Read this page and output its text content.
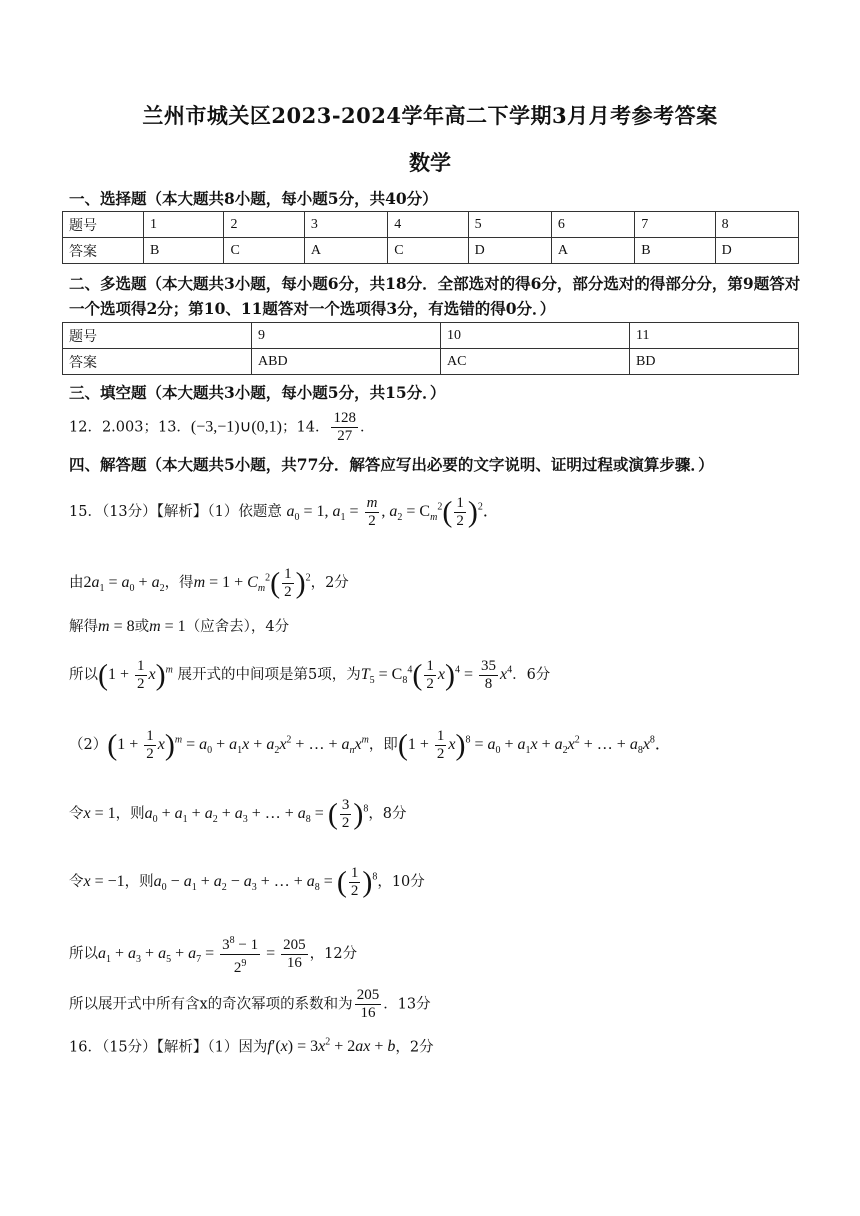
兰州市城关区2023-2024学年高二下学期3月月考参考答案
数学
一、选择题（本大题共8小题，每小题5分，共40分）
题号	1	2	3	4	5	6	7	8
答案	B	C	A	C	D	A	B	D
二、多选题（本大题共3小题，每小题6分，共18分．全部选对的得6分，部分选对的得部分分，第9题答对一个选项得2分；第10、11题答对一个选项得3分，有选错的得0分．）
题号	9	10	11
答案	ABD	AC	BD
三、填空题（本大题共3小题，每小题5分，共15分．）
12．2.003；13．(−3,−1)∪(0,1)；14． $\frac{128}{27}$ ．
四、解答题（本大题共5小题，共77分．解答应写出必要的文字说明、证明过程或演算步骤．）
15．（13分）【解析】（1）依题意 $a_0 = 1$, $a_1 = \frac{m}{2}$ , $a_2 = C_m^2( \frac{1}{2} )^2$．
由$2a_1 = a_0 + a_2$，得$m = 1 + C_m^2( \frac{1}{2} )^2$，2分
解得m = 8或m = 1（应舍去），4分
所以$(1 + \frac{1}{2} x)^m$ 展开式的中间项是第5项，为$T_5 = C_8^4( \frac{1}{2} x)^4 = \frac{35}{8} x^4$．6分
$(2)(1 + \frac{1}{2} x)^m = a_0 + a_1x + a_2x^2$ + … + $a_nx^m$，即$(1 + \frac{1}{2} x)^8 = a_0 + a_1x + a_2x^2$ + … + $a_8x^8$．
令x = 1，则$a_0 + a_1 + a_2 + a_3$ + … + $a_8$ = ( $\frac{3}{2} )^8$，8分
令x = −1，则$a_0 - a_1 + a_2 - a_3$ + … + $a_8$ = ( $\frac{1}{2} )^8$，10分
所以$a_1 + a_3 + a_5 + a_7 = \frac{3^8 - 1}{2^9} = \frac{205}{16}$ ，12分
所以展开式中所有含x的奇次幂项的系数和为 $\frac{205}{16}$ ．13分
16．（15分）【解析】（1）因为$f'(x) = 3x^2 + 2ax + b$，2分
